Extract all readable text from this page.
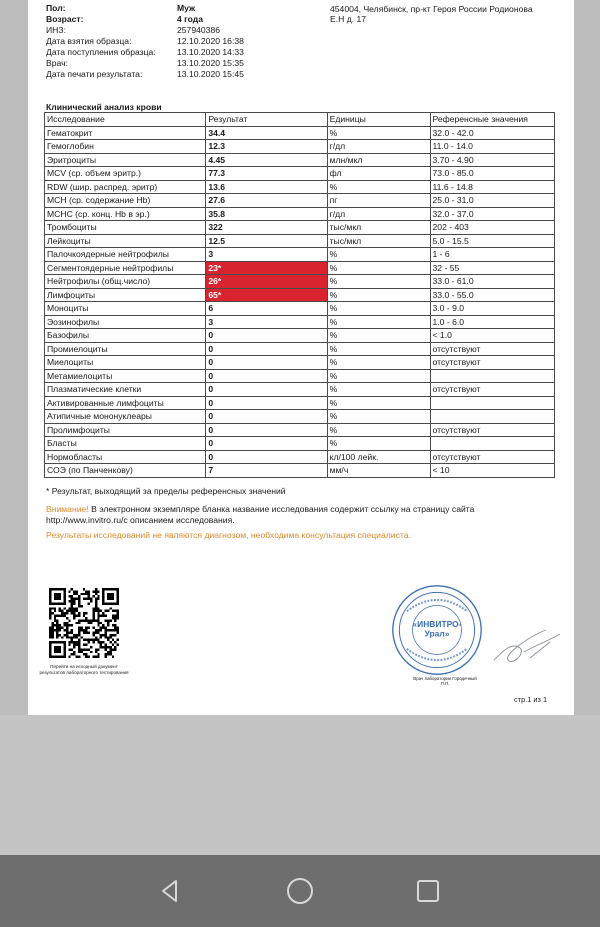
Пол:	Муж
Возраст:	4 года
ИНЗ:	257940386
Дата взятия образца:	12.10.2020 16:38
Дата поступления образца: 13.10.2020 14:33
Врач:	13.10.2020 15:35
Дата печати результата:	13.10.2020 15:45
454004, Челябинск, пр-кт Героя России Родионова
Е.Н д. 17
Клинический анализ крови
Исследование	Результат	Единицы	Референсные значения
Гематокрит	34.4	%	32.0 - 42.0
Гемоглобин	12.3	г/дл	11.0 - 14.0
Эритроциты	4.45	млн/мкл	3.70 - 4.90
MCV (ср. объем эритр.)	77.3	фл	73.0 - 85.0
RDW (шир. распред. эритр)	13.6	%	11.6 - 14.8
MCH (ср. содержание Hb)	27.6	пг	25.0 - 31.0
MCHC (ср. конц. Hb в эр.)	35.8	г/дл	32.0 - 37.0
Тромбоциты	322	тыс/мкл	202 - 403
Лейкоциты	12.5	тыс/мкл	5.0 - 15.5
Палочкоядерные нейтрофилы	3	%	1 - 6
Сегментоядерные нейтрофилы	23*	%	32 - 55
Нейтрофилы (общ.число)	26*	%	33.0 - 61.0
Лимфоциты	65*	%	33.0 - 55.0
Моноциты	6	%	3.0 - 9.0
Эозинофилы	3	%	1.0 - 6.0
Базофилы	0	%	< 1.0
Промиелоциты	0	%	отсутствуют
Миелоциты	0	%	отсутствуют
Метамиелоциты	0	%	
Плазматические клетки	0	%	отсутствуют
Активированные лимфоциты	0	%	
Атипичные мононуклеары	0	%	
Пролимфоциты	0	%	отсутствуют
Бласты	0	%	
Нормобласты	0	кл/100 лейк.	отсутствуют
СОЭ (по Панченкову)	7	мм/ч	< 10
* Результат, выходящий за пределы референсных значений
Внимание! В электронном экземпляре бланка название исследования содержит ссылку на страницу сайта
http://www.invitro.ru/с описанием исследования.
Результаты исследований не являются диагнозом, необходима консультация специалиста.
Перейти на исходный документ результатов лабораторного тестирования
«ИНВИТРО-
Урал»
Врач лаборатории Городечный П.П.
стр.1 из 1
